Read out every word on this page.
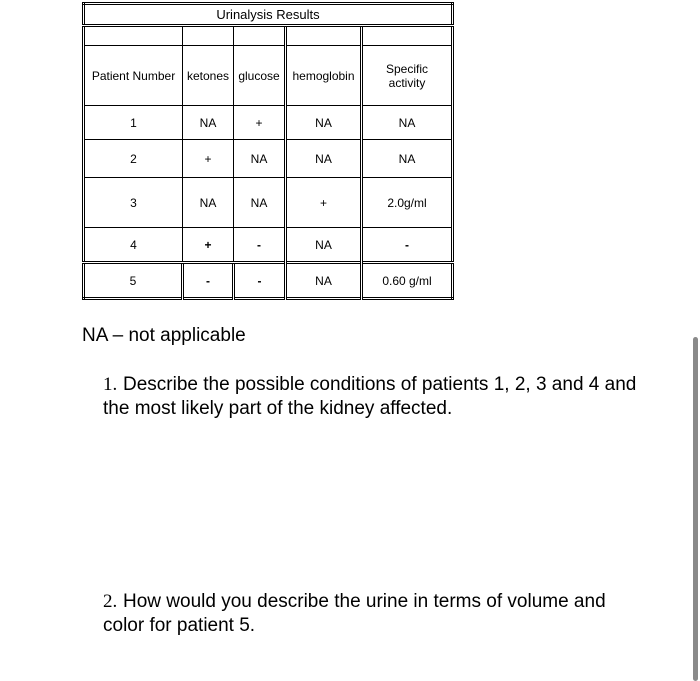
Urinalysis Results				

Patient Number	ketones	glucose	hemoglobin	Specific activity
1	NA	+	NA	NA
2	+	NA	NA	NA
3	NA	NA	+	2.0g/ml
4	+	-	NA	-
5	-	-	NA	0.60 g/ml
NA – not applicable
1. Describe the possible conditions of patients 1, 2, 3 and 4 and the most likely part of the kidney affected.
2. How would you describe the urine in terms of volume and color for patient 5.
